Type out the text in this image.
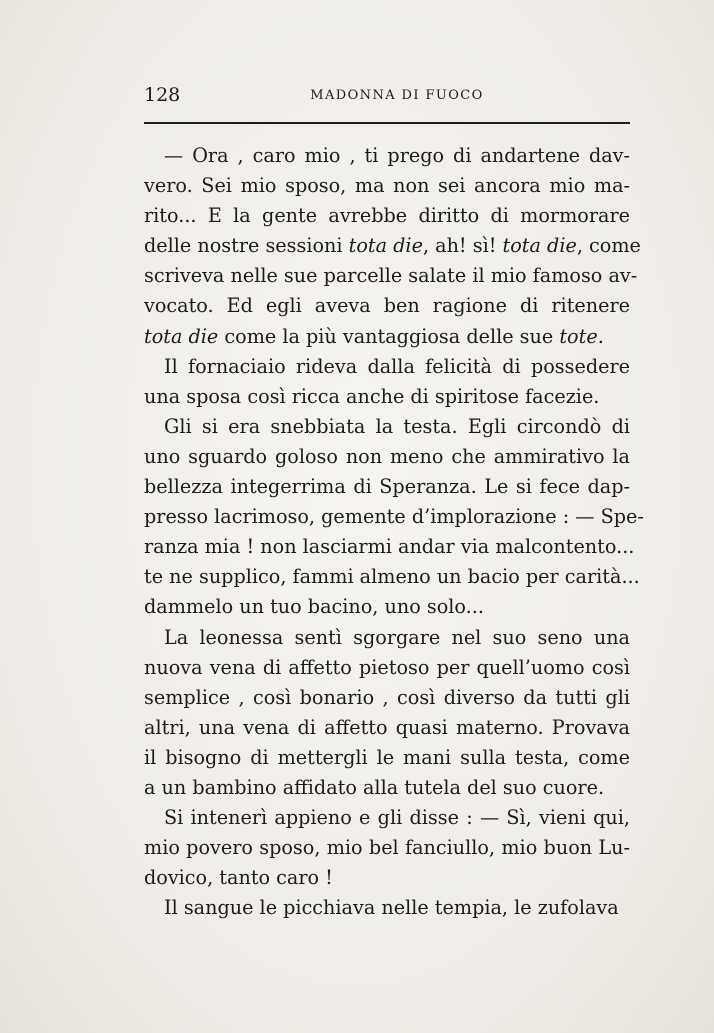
128	MADONNA DI FUOCO
— Ora , caro mio , ti prego di andartene dav-
vero. Sei mio sposo, ma non sei ancora mio ma-
rito... E la gente avrebbe diritto di mormorare
delle nostre sessioni tota die, ah! sì! tota die, come
scriveva nelle sue parcelle salate il mio famoso av-
vocato. Ed egli aveva ben ragione di ritenere
tota die come la più vantaggiosa delle sue tote.
Il fornaciaio rideva dalla felicità di possedere
una sposa così ricca anche di spiritose facezie.
Gli si era snebbiata la testa. Egli circondò di
uno sguardo goloso non meno che ammirativo la
bellezza integerrima di Speranza. Le si fece dap-
presso lacrimoso, gemente d’implorazione : — Spe-
ranza mia ! non lasciarmi andar via malcontento...
te ne supplico, fammi almeno un bacio per carità...
dammelo un tuo bacino, uno solo...
La leonessa sentì sgorgare nel suo seno una
nuova vena di affetto pietoso per quell’uomo così
semplice , così bonario , così diverso da tutti gli
altri, una vena di affetto quasi materno. Provava
il bisogno di mettergli le mani sulla testa, come
a un bambino affidato alla tutela del suo cuore.
Si intenerì appieno e gli disse : — Sì, vieni qui,
mio povero sposo, mio bel fanciullo, mio buon Lu-
dovico, tanto caro !
Il sangue le picchiava nelle tempia, le zufolava
